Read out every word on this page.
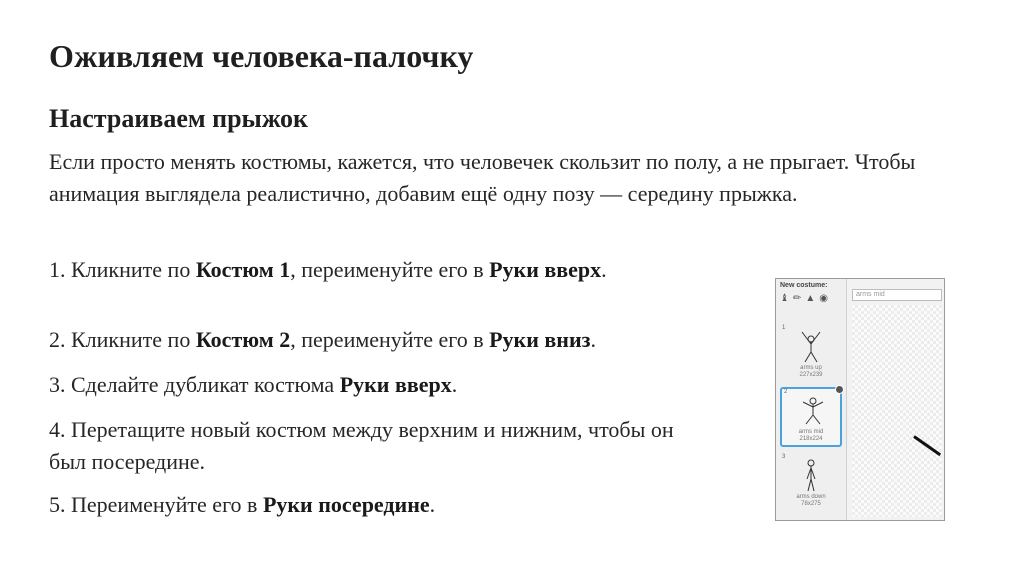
Оживляем человека-палочку
Настраиваем прыжок

Если просто менять костюмы, кажется, что человечек скользит по полу, а не прыгает. Чтобы анимация выглядела реалистично, добавим ещё одну позу — середину прыжка.

1. Кликните по Костюм 1, переименуйте его в Руки вверх.

2. Кликните по Костюм 2, переименуйте его в Руки вниз.

3. Сделайте дубликат костюма Руки вверх.

4. Перетащите новый костюм между верхним и нижним, чтобы он был посередине.

5. Переименуйте его в Руки посередине.

New costume:
♝ ✏ ▲ ◉
1
arms up
227x239
2
arms mid
218x224
3
arms down
78x275
arms mid
